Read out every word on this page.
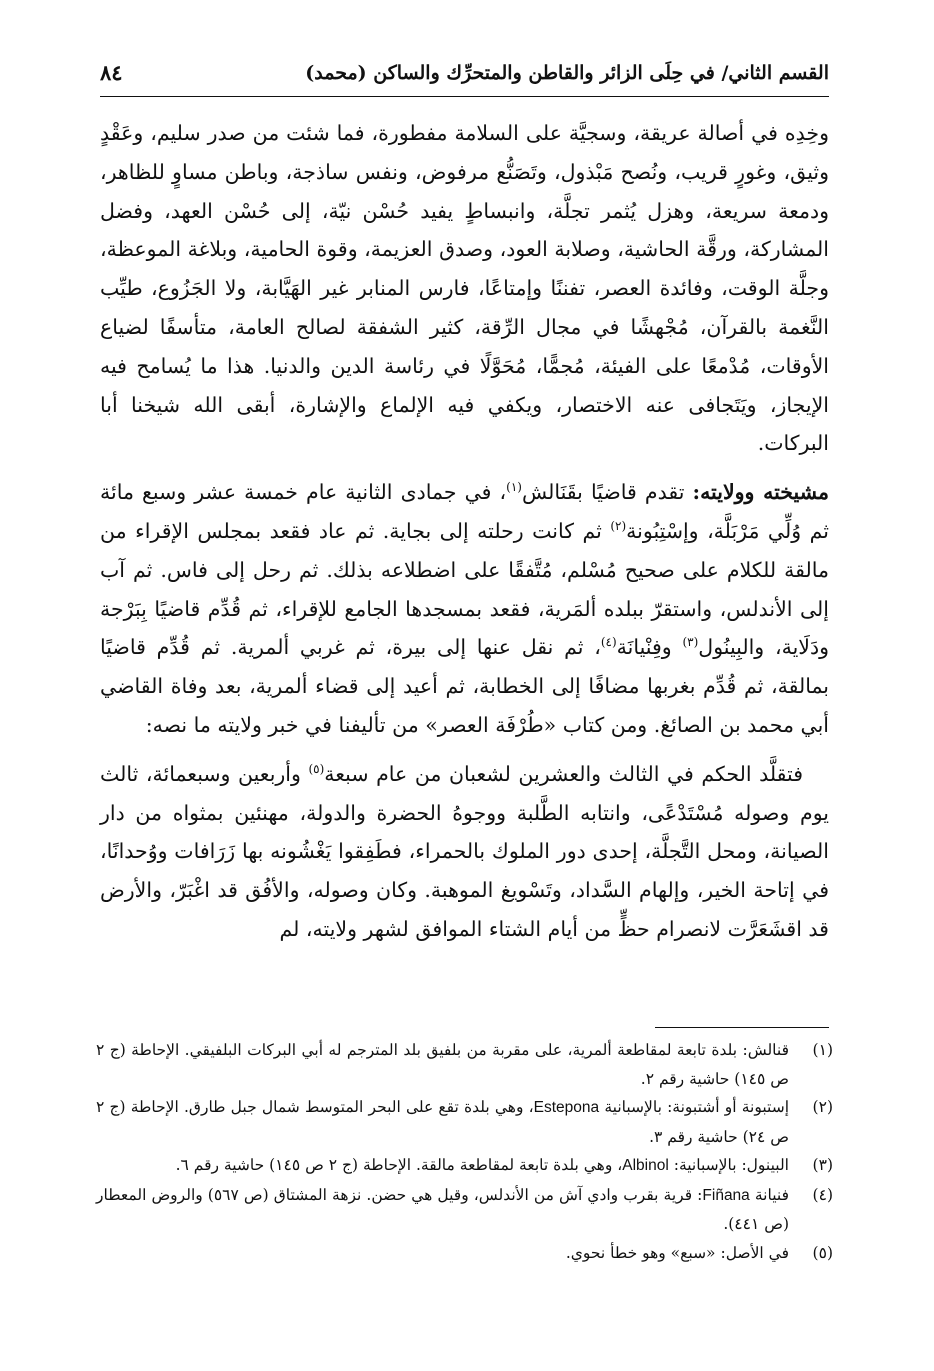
القسم الثاني/ في حِلَى الزائر والقاطن والمتحرِّك والساكن (محمد)
٨٤

وخِدِه في أصالة عريقة، وسجيَّة على السلامة مفطورة، فما شئت من صدر سليم، وعَقْدٍ وثيق، وغورٍ قريب، ونُصح مَبْذول، وتَصَنُّع مرفوض، ونفس ساذجة، وباطن مساوٍ للظاهر، ودمعة سريعة، وهزل يُثمر تجلَّة، وانبساطٍ يفيد حُسْن نيّة، إلى حُسْن العهد، وفضل المشاركة، ورقَّة الحاشية، وصلابة العود، وصدق العزيمة، وقوة الحامية، وبلاغة الموعظة، وجلَّة الوقت، وفائدة العصر، تفننًا وإمتاعًا، فارس المنابر غير الهَيَّابة، ولا الجَزُوع، طيِّب النَّغمة بالقرآن، مُجْهشًا في مجال الرِّقة، كثير الشفقة لصالح العامة، متأسفًا لضياع الأوقات، مُدْمعًا على الفيئة، مُجمًّا، مُحَوَّلًا في رئاسة الدين والدنيا. هذا ما يُسامح فيه الإيجاز، ويَتَجافى عنه الاختصار، ويكفي فيه الإلماع والإشارة، أبقى الله شيخنا أبا البركات.

مشيخته وولايته: تقدم قاضيًا بقَنَالش$^{(١)}$، في جمادى الثانية عام خمسة عشر وسبع مائة ثم وُلِّي مَرْبَلَّة، وإسْتِبُونة$^{(٢)}$ ثم كانت رحلته إلى بجاية. ثم عاد فقعد بمجلس الإقراء من مالقة للكلام على صحيح مُسْلم، مُتَّفقًا على اضطلاعه بذلك. ثم رحل إلى فاس. ثم آب إلى الأندلس، واستقرّ ببلده ألمَرية، فقعد بمسجدها الجامع للإقراء، ثم قُدِّم قاضيًا بِبَرْجة ودَلَاية، والبِينُول$^{(٣)}$ وفِنْيانَة$^{(٤)}$، ثم نقل عنها إلى بيرة، ثم غربي ألمرية. ثم قُدِّم قاضيًا بمالقة، ثم قُدِّم بغربها مضافًا إلى الخطابة، ثم أعيد إلى قضاء ألمرية، بعد وفاة القاضي أبي محمد بن الصائغ. ومن كتاب «طُرْفَة العصر» من تأليفنا في خبر ولايته ما نصه:

فتقلَّد الحكم في الثالث والعشرين لشعبان من عام سبعة$^{(٥)}$ وأربعين وسبعمائة، ثالث يوم وصوله مُسْتَدْعًى، وانتابه الطَّلبة ووجوهُ الحضرة والدولة، مهنئين بمثواه من دار الصيانة، ومحل التَّجلَّة، إحدى دور الملوك بالحمراء، فطَفِقوا يَغْشُونه بها زَرَافات ووُحدانًا، في إتاحة الخير، وإلهام السَّداد، وتَسْويغ الموهبة. وكان وصوله، والأفُق قد اغْبَرّ، والأرض قد اقشَعَرَّت لانصرام حظٍّ من أيام الشتاء الموافق لشهر ولايته، لم

(١)
قنالش: بلدة تابعة لمقاطعة ألمرية، على مقربة من بلفيق بلد المترجم له أبي البركات البلفيقي. الإحاطة (ج ٢ ص ١٤٥) حاشية رقم ٢.
(٢)
إستبونة أو أشتبونة: بالإسبانية Estepona، وهي بلدة تقع على البحر المتوسط شمال جبل طارق. الإحاطة (ج ٢ ص ٢٤) حاشية رقم ٣.
(٣)
البينول: بالإسبانية: Albinol، وهي بلدة تابعة لمقاطعة مالقة. الإحاطة (ج ٢ ص ١٤٥) حاشية رقم ٦.
(٤)
فنيانة Fiñana: قرية بقرب وادي آش من الأندلس، وقيل هي حضن. نزهة المشتاق (ص ٥٦٧) والروض المعطار (ص ٤٤١).
(٥)
في الأصل: «سبع» وهو خطأ نحوي.
